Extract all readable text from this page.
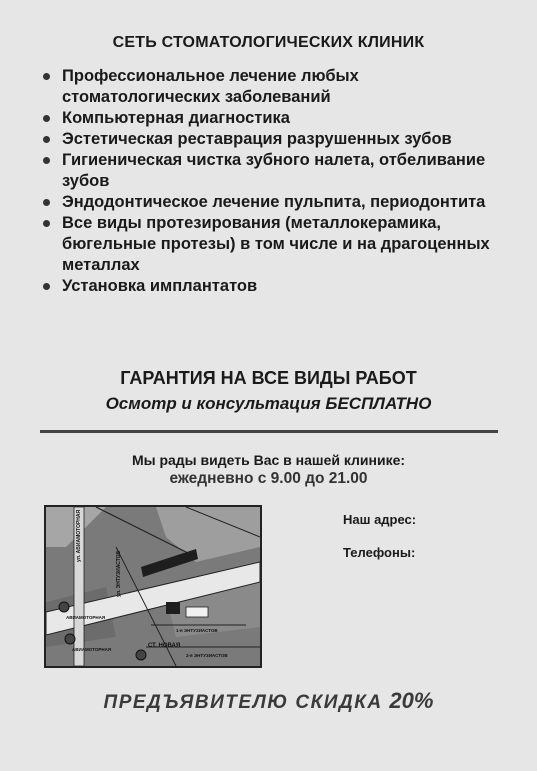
СЕТЬ СТОМАТОЛОГИЧЕСКИХ КЛИНИК
Профессиональное лечение любых стоматологических заболеваний
Компьютерная диагностика
Эстетическая реставрация разрушенных зубов
Гигиеническая чистка зубного налета, отбеливание зубов
Эндодонтическое лечение пульпита, периодонтита
Все виды протезирования (металлокерамика, бюгельные протезы) в том числе и на драгоценных металлах
Установка имплантатов
ГАРАНТИЯ НА ВСЕ ВИДЫ РАБОТ
Осмотр и консультация БЕСПЛАТНО
Мы рады видеть Вас в нашей клинике:
ежедневно с 9.00 до 21.00
ул. АВИАМОТОРНАЯ
ул. ЭНТУЗИАСТОВ
АВИАМОТОРНАЯ
АВИАМОТОРНАЯ
1-я ЭНТУЗИАСТОВ
2-я ЭНТУЗИАСТОВ
СТ. НОВАЯ
Наш адрес:
Телефоны:
ПРЕДЪЯВИТЕЛЮ СКИДКА 20%
